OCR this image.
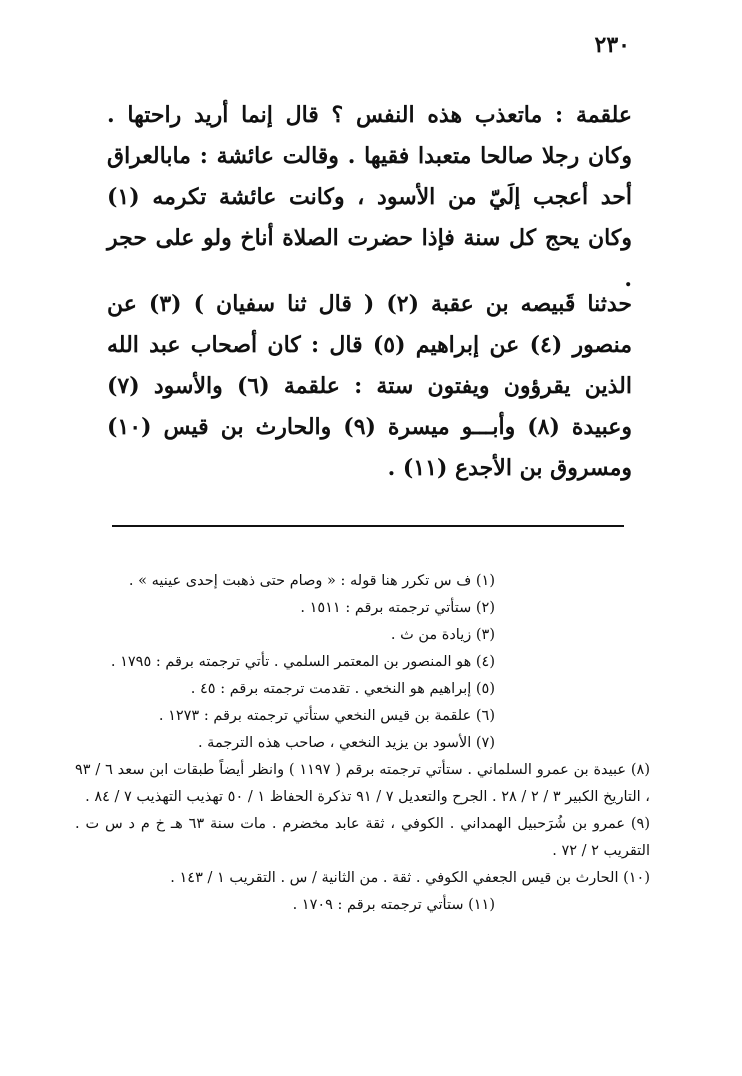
٢٣٠

علقمة : ماتعذب هذه النفس ؟ قال إنما أريد راحتها . وكان رجلا صالحا متعبدا فقيها . وقالت عائشة : مابالعراق أحد أعجب إلَيّ من الأسود ، وكانت عائشة تكرمه (١) وكان يحج كل سنة فإذا حضرت الصلاة أناخ ولو على حجر .

حدثنا قَبيصه بن عقبة (٢) ( قال ثنا سفيان ) (٣) عن منصور (٤) عن إبراهيم (٥) قال : كان أصحاب عبد الله الذين يقرؤون ويفتون ستة : علقمة (٦) والأسود (٧) وعبيدة (٨) وأبـــو ميسرة (٩) والحارث بن قيس (١٠) ومسروق بن الأجدع (١١) .

(١) ف س تكرر هنا قوله : « وصام حتى ذهبت إحدى عينيه » .

(٢) ستأتي ترجمته برقم : ١٥١١ .

(٣) زيادة من ث .

(٤) هو المنصور بن المعتمر السلمي . تأتي ترجمته برقم : ١٧٩٥ .

(٥) إبراهيم هو النخعي . تقدمت ترجمته برقم : ٤٥ .

(٦) علقمة بن قيس النخعي ستأتي ترجمته برقم : ١٢٧٣ .

(٧) الأسود بن يزيد النخعي ، صاحب هذه الترجمة .

(٨) عبيدة بن عمرو السلماني . ستأتي ترجمته برقم ( ١١٩٧ ) وانظر أيضاً طبقات ابن سعد ٦ / ٩٣ ، التاريخ الكبير ٣ / ٢ / ٢٨ . الجرح والتعديل ٧ / ٩١ تذكرة الحفاظ ١ / ٥٠ تهذيب التهذيب ٧ / ٨٤ .

(٩) عمرو بن شُرَحبيل الهمداني . الكوفي ، ثقة عابد مخضرم . مات سنة ٦٣ هـ خ م د س ت . التقريب ٢ / ٧٢ .

(١٠) الحارث بن قيس الجعفي الكوفي . ثقة . من الثانية / س . التقريب ١ / ١٤٣ .

(١١) ستأتي ترجمته برقم : ١٧٠٩ .
